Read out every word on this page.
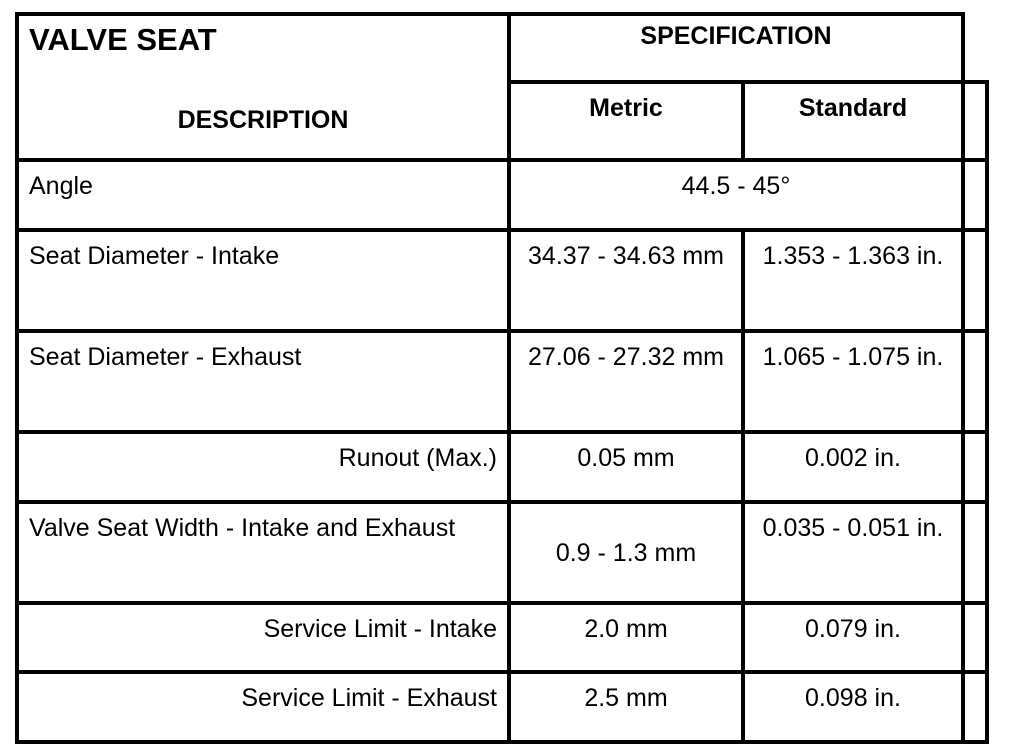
VALVE SEAT	SPECIFICATION		
DESCRIPTION	Metric	Standard	
Angle	44.5 - 45°		
Seat Diameter - Intake	34.37 - 34.63 mm	1.353 - 1.363 in.	
Seat Diameter - Exhaust	27.06 - 27.32 mm	1.065 - 1.075 in.	
Runout (Max.)	0.05 mm	0.002 in.	
Valve Seat Width - Intake and Exhaust	0.9 - 1.3 mm	0.035 - 0.051 in.	
Service Limit - Intake	2.0 mm	0.079 in.	
Service Limit - Exhaust	2.5 mm	0.098 in.	
